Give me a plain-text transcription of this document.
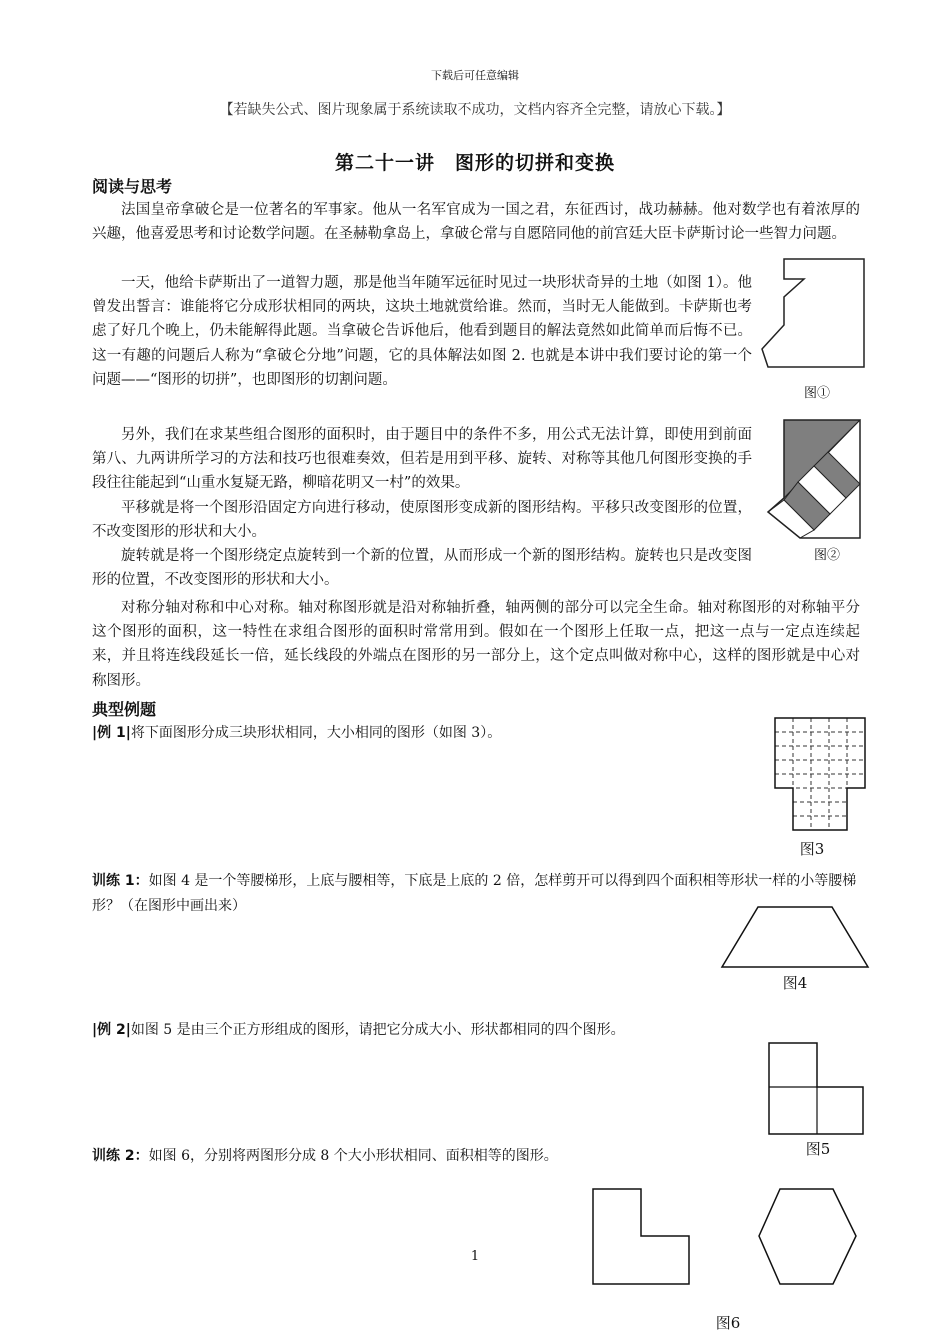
下载后可任意编辑
【若缺失公式、图片现象属于系统读取不成功，文档内容齐全完整，请放心下载。】
第二十一讲　图形的切拼和变换
阅读与思考

法国皇帝拿破仑是一位著名的军事家。他从一名军官成为一国之君，东征西讨，战功赫赫。他对数学也有着浓厚的兴趣，他喜爱思考和讨论数学问题。在圣赫勒拿岛上，拿破仑常与自愿陪同他的前宫廷大臣卡萨斯讨论一些智力问题。

一天，他给卡萨斯出了一道智力题，那是他当年随军远征时见过一块形状奇异的土地（如图 1）。他曾发出誓言：谁能将它分成形状相同的两块，这块土地就赏给谁。然而，当时无人能做到。卡萨斯也考虑了好几个晚上，仍未能解得此题。当拿破仑告诉他后，他看到题目的解法竟然如此简单而后悔不已。这一有趣的问题后人称为“拿破仑分地”问题，它的具体解法如图 2. 也就是本讲中我们要讨论的第一个问题——“图形的切拼”，也即图形的切割问题。

另外，我们在求某些组合图形的面积时，由于题目中的条件不多，用公式无法计算，即使用到前面第八、九两讲所学习的方法和技巧也很难奏效，但若是用到平移、旋转、对称等其他几何图形变换的手段往往能起到“山重水复疑无路，柳暗花明又一村”的效果。

平移就是将一个图形沿固定方向进行移动，使原图形变成新的图形结构。平移只改变图形的位置，不改变图形的形状和大小。

旋转就是将一个图形绕定点旋转到一个新的位置，从而形成一个新的图形结构。旋转也只是改变图形的位置，不改变图形的形状和大小。

对称分轴对称和中心对称。轴对称图形就是沿对称轴折叠，轴两侧的部分可以完全生命。轴对称图形的对称轴平分这个图形的面积，这一特性在求组合图形的面积时常常用到。假如在一个图形上任取一点，把这一点与一定点连续起来，并且将连线段延长一倍，延长线段的外端点在图形的另一部分上，这个定点叫做对称中心，这样的图形就是中心对称图形。

图①
图②
典型例题

|例 1|将下面图形分成三块形状相同，大小相同的图形（如图 3）。

图3

训练 1：如图 4 是一个等腰梯形，上底与腰相等，下底是上底的 2 倍，怎样剪开可以得到四个面积相等形状一样的小等腰梯形？（在图形中画出来）

图4

|例 2|如图 5 是由三个正方形组成的图形，请把它分成大小、形状都相同的四个图形。

图5

训练 2：如图 6，分别将两图形分成 8 个大小形状相同、面积相等的图形。

1
图6
